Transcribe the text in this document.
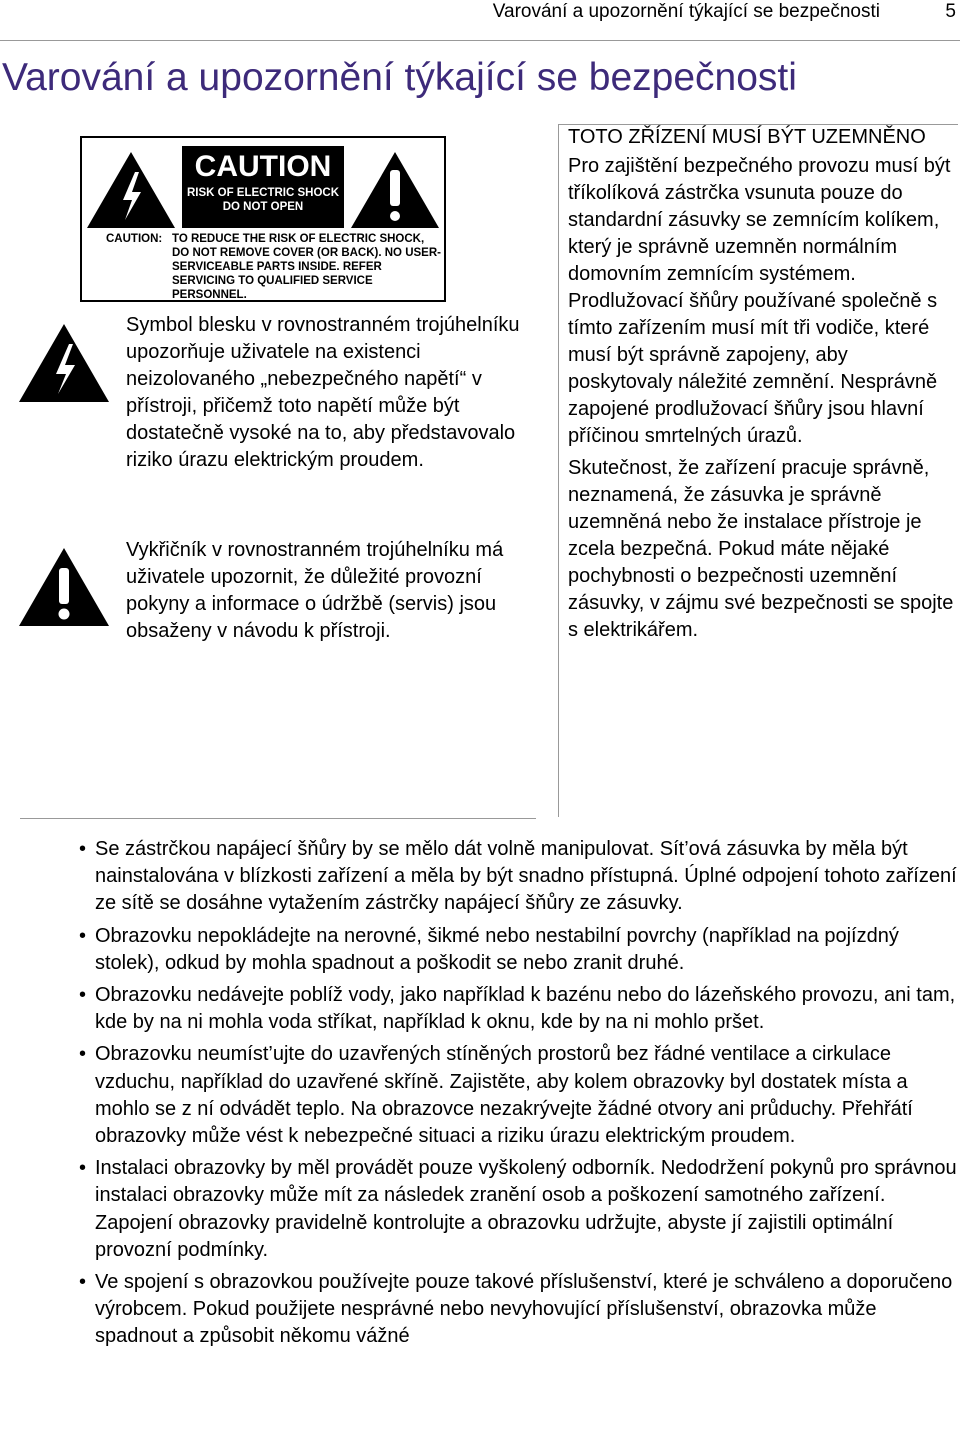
Varování a upozornění týkající se bezpečnosti	5
Varování a upozornění týkající se bezpečnosti
CAUTION
RISK OF ELECTRIC SHOCK DO NOT OPEN
CAUTION: TO REDUCE THE RISK OF ELECTRIC SHOCK, DO NOT REMOVE COVER (OR BACK). NO USER-SERVICEABLE PARTS INSIDE. REFER SERVICING TO QUALIFIED SERVICE PERSONNEL.

Symbol blesku v rovnostranném trojúhelníku upozorňuje uživatele na existenci neizolovaného „nebezpečného napětí“ v přístroji, přičemž toto napětí může být dostatečně vysoké na to, aby představovalo riziko úrazu elektrickým proudem.

Vykřičník v rovnostranném trojúhelníku má uživatele upozornit, že důležité provozní pokyny a informace o údržbě (servis) jsou obsaženy v návodu k přístroji.

TOTO ZŘÍZENÍ MUSÍ BÝT UZEMNĚNO

Pro zajištění bezpečného provozu musí být tříkolíková zástrčka vsunuta pouze do standardní zásuvky se zemnícím kolíkem, který je správně uzemněn normálním domovním zemnícím systémem. Prodlužovací šňůry používané společně s tímto zařízením musí mít tři vodiče, které musí být správně zapojeny, aby poskytovaly náležité zemnění. Nesprávně zapojené prodlužovací šňůry jsou hlavní příčinou smrtelných úrazů.

Skutečnost, že zařízení pracuje správně, neznamená, že zásuvka je správně uzemněná nebo že instalace přístroje je zcela bezpečná. Pokud máte nějaké pochybnosti o bezpečnosti uzemnění zásuvky, v zájmu své bezpečnosti se spojte s elektrikářem.

• Se zástrčkou napájecí šňůry by se mělo dát volně manipulovat. Sít’ová zásuvka by měla být nainstalována v blízkosti zařízení a měla by být snadno přístupná. Úplné odpojení tohoto zařízení ze sítě se dosáhne vytažením zástrčky napájecí šňůry ze zásuvky.
• Obrazovku nepokládejte na nerovné, šikmé nebo nestabilní povrchy (například na pojízdný stolek), odkud by mohla spadnout a poškodit se nebo zranit druhé.
• Obrazovku nedávejte poblíž vody, jako například k bazénu nebo do lázeňského provozu, ani tam, kde by na ni mohla voda stříkat, například k oknu, kde by na ni mohlo pršet.
• Obrazovku neumíst’ujte do uzavřených stíněných prostorů bez řádné ventilace a cirkulace vzduchu, například do uzavřené skříně. Zajistěte, aby kolem obrazovky byl dostatek místa a mohlo se z ní odvádět teplo. Na obrazovce nezakrývejte žádné otvory ani průduchy. Přehřátí obrazovky může vést k nebezpečné situaci a riziku úrazu elektrickým proudem.
• Instalaci obrazovky by měl provádět pouze vyškolený odborník. Nedodržení pokynů pro správnou instalaci obrazovky může mít za následek zranění osob a poškození samotného zařízení. Zapojení obrazovky pravidelně kontrolujte a obrazovku udržujte, abyste jí zajistili optimální provozní podmínky.
• Ve spojení s obrazovkou používejte pouze takové příslušenství, které je schváleno a doporučeno výrobcem. Pokud použijete nesprávné nebo nevyhovující příslušenství, obrazovka může spadnout a způsobit někomu vážné
